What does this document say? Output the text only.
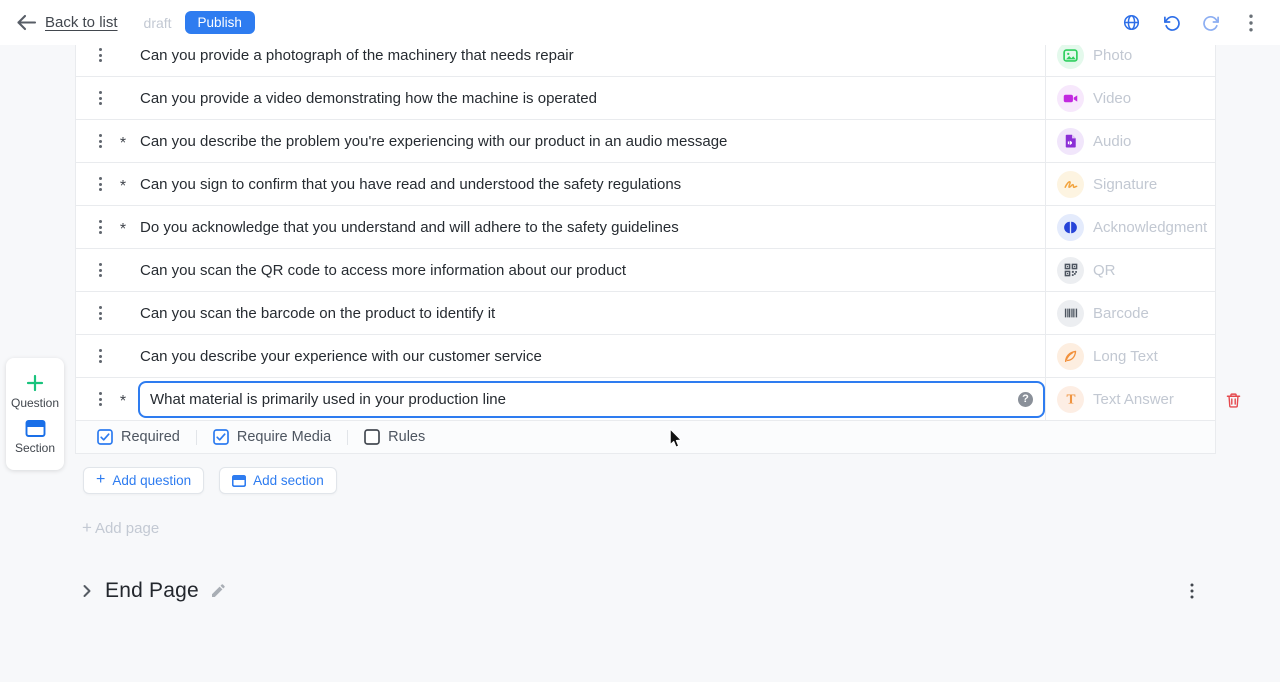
Can you provide a photograph of the machinery that needs repair	Photo
Can you provide a video demonstrating how the machine is operated	Video
* Can you describe the problem you're experiencing with our product in an audio message	Audio
* Can you sign to confirm that you have read and understood the safety regulations	Signature
* Do you acknowledge that you understand and will adhere to the safety guidelines	Acknowledgment
Can you scan the QR code to access more information about our product	QR
Can you scan the barcode on the product to identify it	Barcode
Can you describe your experience with our customer service	Long Text
*	What material is primarily used in your production line	?	T Text Answer
Required	Require Media	Rules
+ Add question	Add section
+ Add page
End Page
Question
Section
Back to list draft	Publish
